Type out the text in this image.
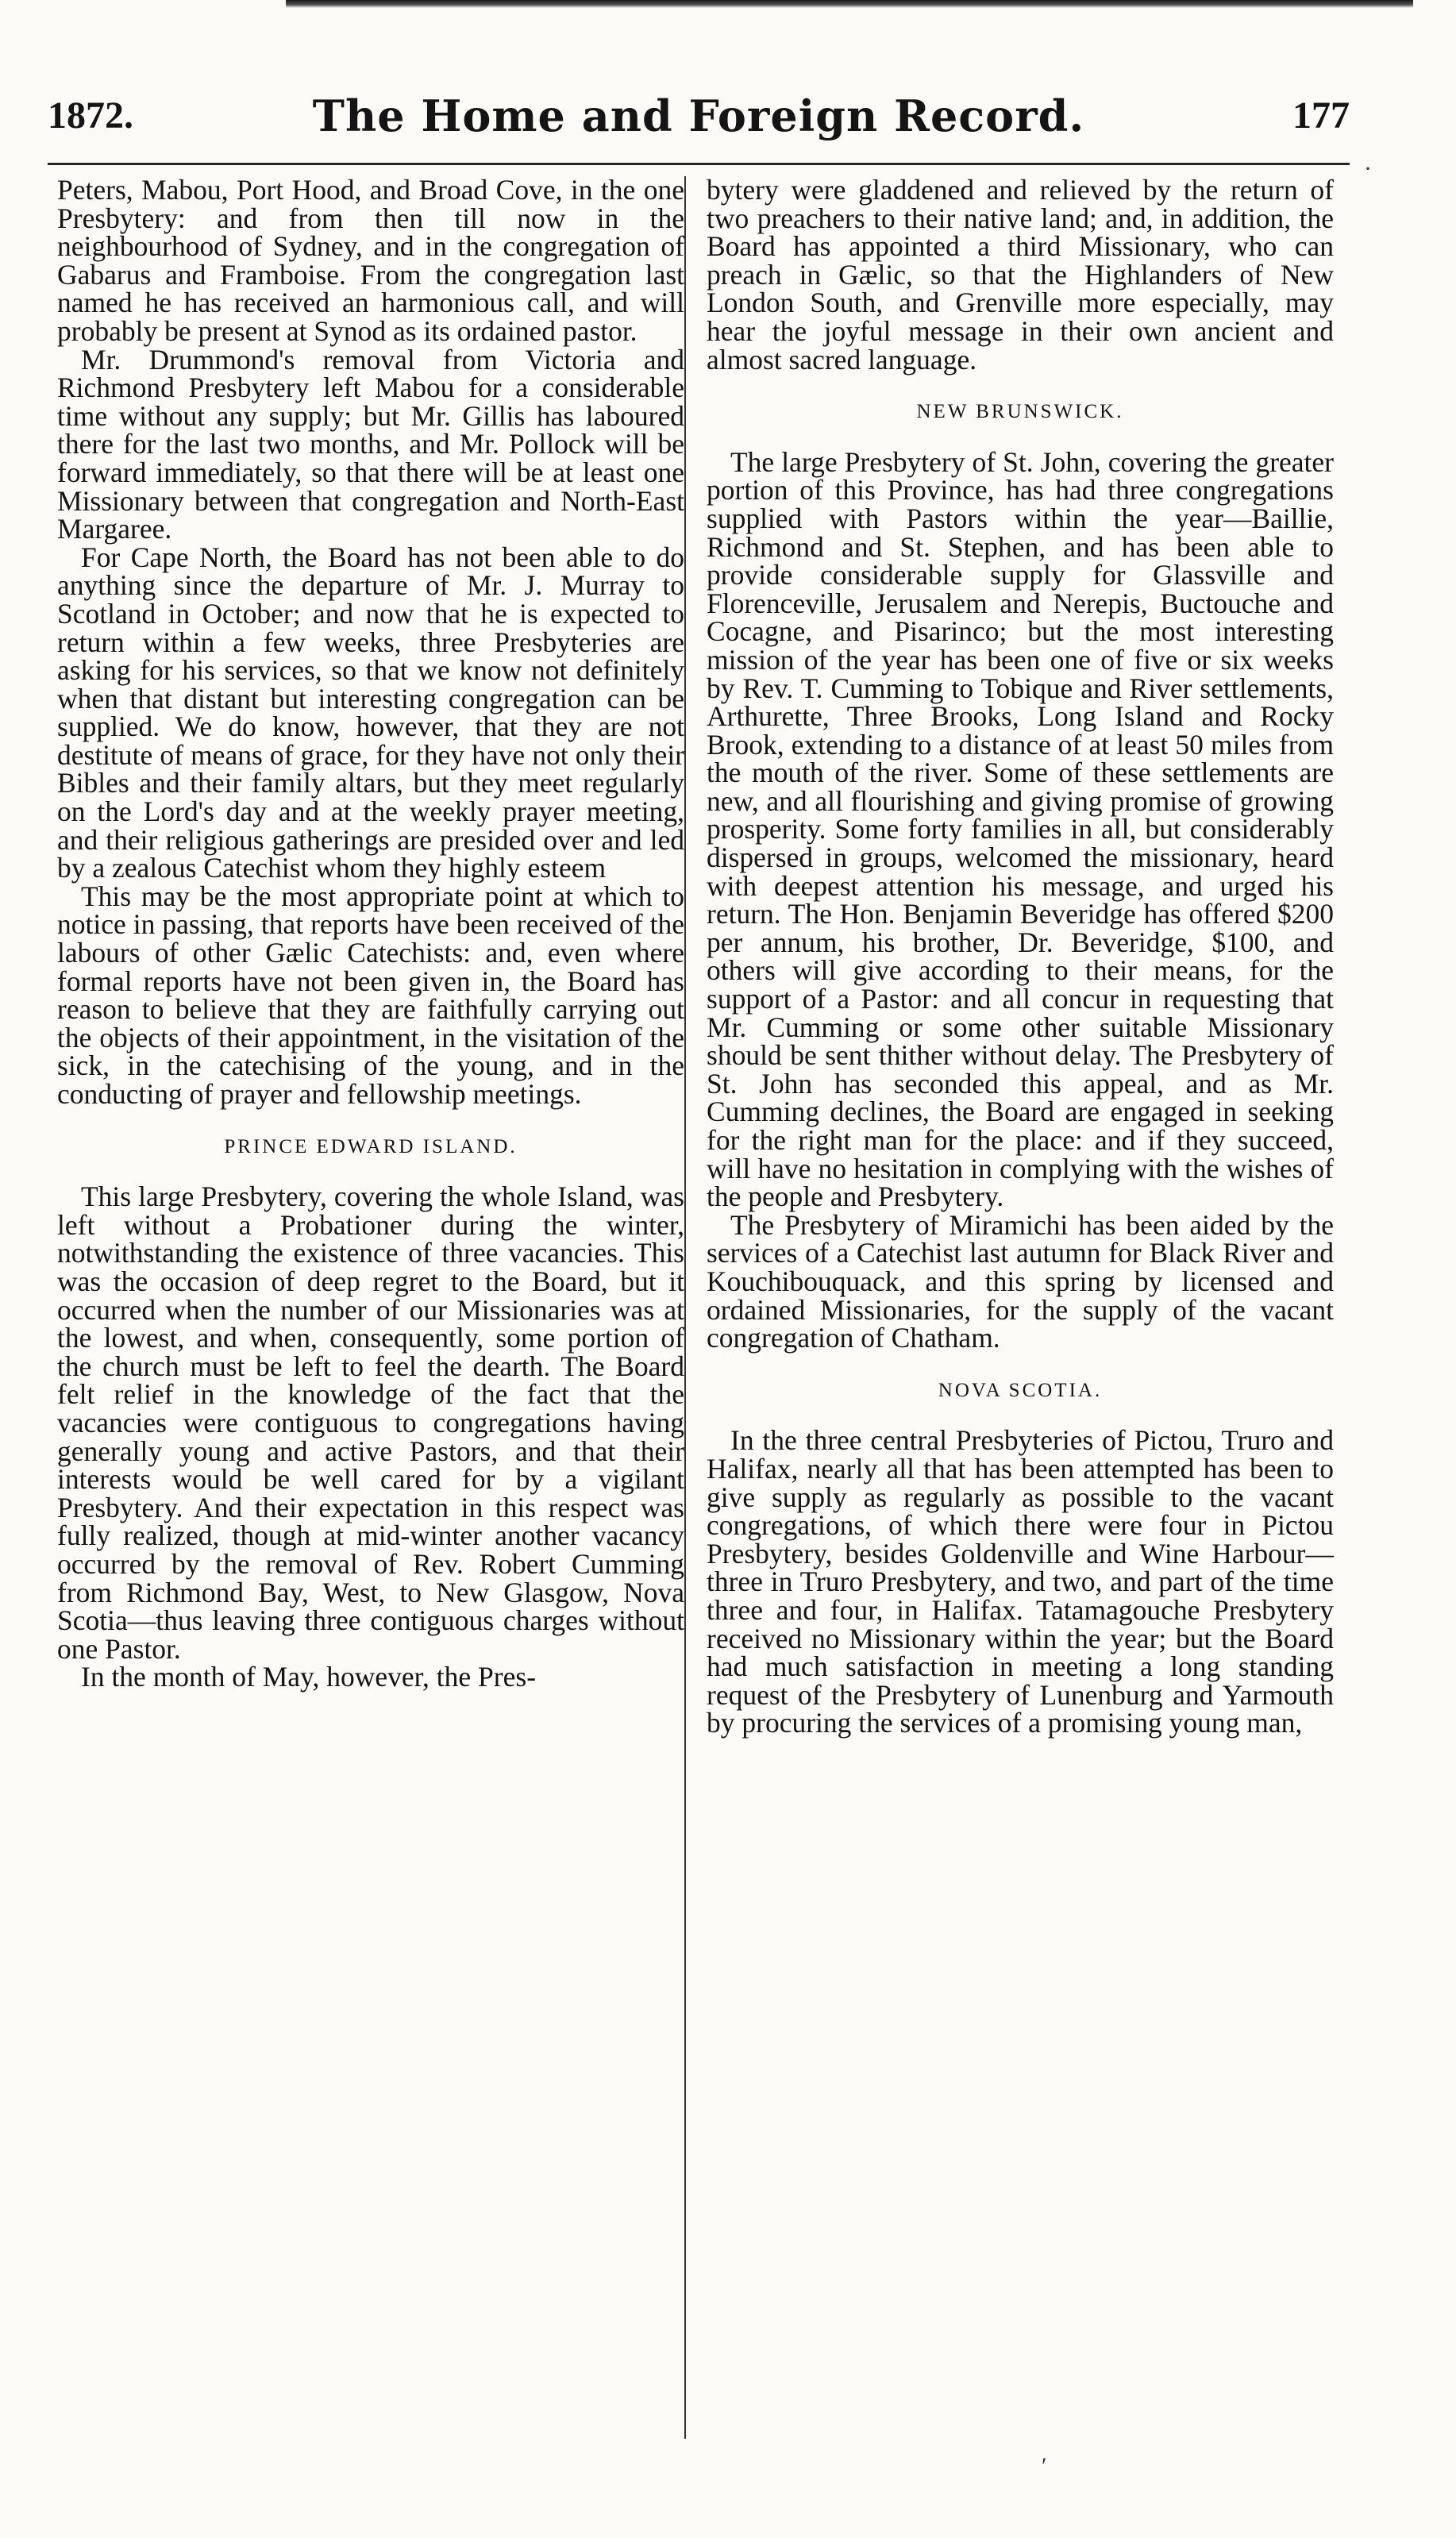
1872.	The Home and Foreign Record.	177

Peters, Mabou, Port Hood, and Broad Cove, in the one Presbytery: and from then till now in the neighbourhood of Sydney, and in the congregation of Gabarus and Framboise. From the congregation last named he has received an harmonious call, and will probably be present at Synod as its ordained pastor.

Mr. Drummond's removal from Victoria and Richmond Presbytery left Mabou for a considerable time without any supply; but Mr. Gillis has laboured there for the last two months, and Mr. Pollock will be forward immediately, so that there will be at least one Missionary between that congregation and North-East Margaree.

For Cape North, the Board has not been able to do anything since the departure of Mr. J. Murray to Scotland in October; and now that he is expected to return within a few weeks, three Presbyteries are asking for his services, so that we know not definitely when that distant but interesting congregation can be supplied. We do know, however, that they are not destitute of means of grace, for they have not only their Bibles and their family altars, but they meet regularly on the Lord's day and at the weekly prayer meeting, and their religious gatherings are presided over and led by a zealous Catechist whom they highly esteem

This may be the most appropriate point at which to notice in passing, that reports have been received of the labours of other Gælic Catechists: and, even where formal reports have not been given in, the Board has reason to believe that they are faithfully carrying out the objects of their appointment, in the visitation of the sick, in the catechising of the young, and in the conducting of prayer and fellowship meetings.

PRINCE EDWARD ISLAND.

This large Presbytery, covering the whole Island, was left without a Probationer during the winter, notwithstanding the existence of three vacancies. This was the occasion of deep regret to the Board, but it occurred when the number of our Missionaries was at the lowest, and when, consequently, some portion of the church must be left to feel the dearth. The Board felt relief in the knowledge of the fact that the vacancies were contiguous to congregations having generally young and active Pastors, and that their interests would be well cared for by a vigilant Presbytery. And their expectation in this respect was fully realized, though at mid-winter another vacancy occurred by the removal of Rev. Robert Cumming from Richmond Bay, West, to New Glasgow, Nova Scotia—thus leaving three contiguous charges without one Pastor.

In the month of May, however, the Pres-

bytery were gladdened and relieved by the return of two preachers to their native land; and, in addition, the Board has appointed a third Missionary, who can preach in Gælic, so that the Highlanders of New London South, and Grenville more especially, may hear the joyful message in their own ancient and almost sacred language.

NEW BRUNSWICK.

The large Presbytery of St. John, covering the greater portion of this Province, has had three congregations supplied with Pastors within the year—Baillie, Richmond and St. Stephen, and has been able to provide considerable supply for Glassville and Florenceville, Jerusalem and Nerepis, Buctouche and Cocagne, and Pisarinco; but the most interesting mission of the year has been one of five or six weeks by Rev. T. Cumming to Tobique and River settlements, Arthurette, Three Brooks, Long Island and Rocky Brook, extending to a distance of at least 50 miles from the mouth of the river. Some of these settlements are new, and all flourishing and giving promise of growing prosperity. Some forty families in all, but considerably dispersed in groups, welcomed the missionary, heard with deepest attention his message, and urged his return. The Hon. Benjamin Beveridge has offered $200 per annum, his brother, Dr. Beveridge, $100, and others will give according to their means, for the support of a Pastor: and all concur in requesting that Mr. Cumming or some other suitable Missionary should be sent thither without delay. The Presbytery of St. John has seconded this appeal, and as Mr. Cumming declines, the Board are engaged in seeking for the right man for the place: and if they succeed, will have no hesitation in complying with the wishes of the people and Presbytery.

The Presbytery of Miramichi has been aided by the services of a Catechist last autumn for Black River and Kouchibouquack, and this spring by licensed and ordained Missionaries, for the supply of the vacant congregation of Chatham.

NOVA SCOTIA.

In the three central Presbyteries of Pictou, Truro and Halifax, nearly all that has been attempted has been to give supply as regularly as possible to the vacant congregations, of which there were four in Pictou Presbytery, besides Goldenville and Wine Harbour—three in Truro Presbytery, and two, and part of the time three and four, in Halifax. Tatamagouche Presbytery received no Missionary within the year; but the Board had much satisfaction in meeting a long standing request of the Presbytery of Lunenburg and Yarmouth by procuring the services of a promising young man,

·
′
